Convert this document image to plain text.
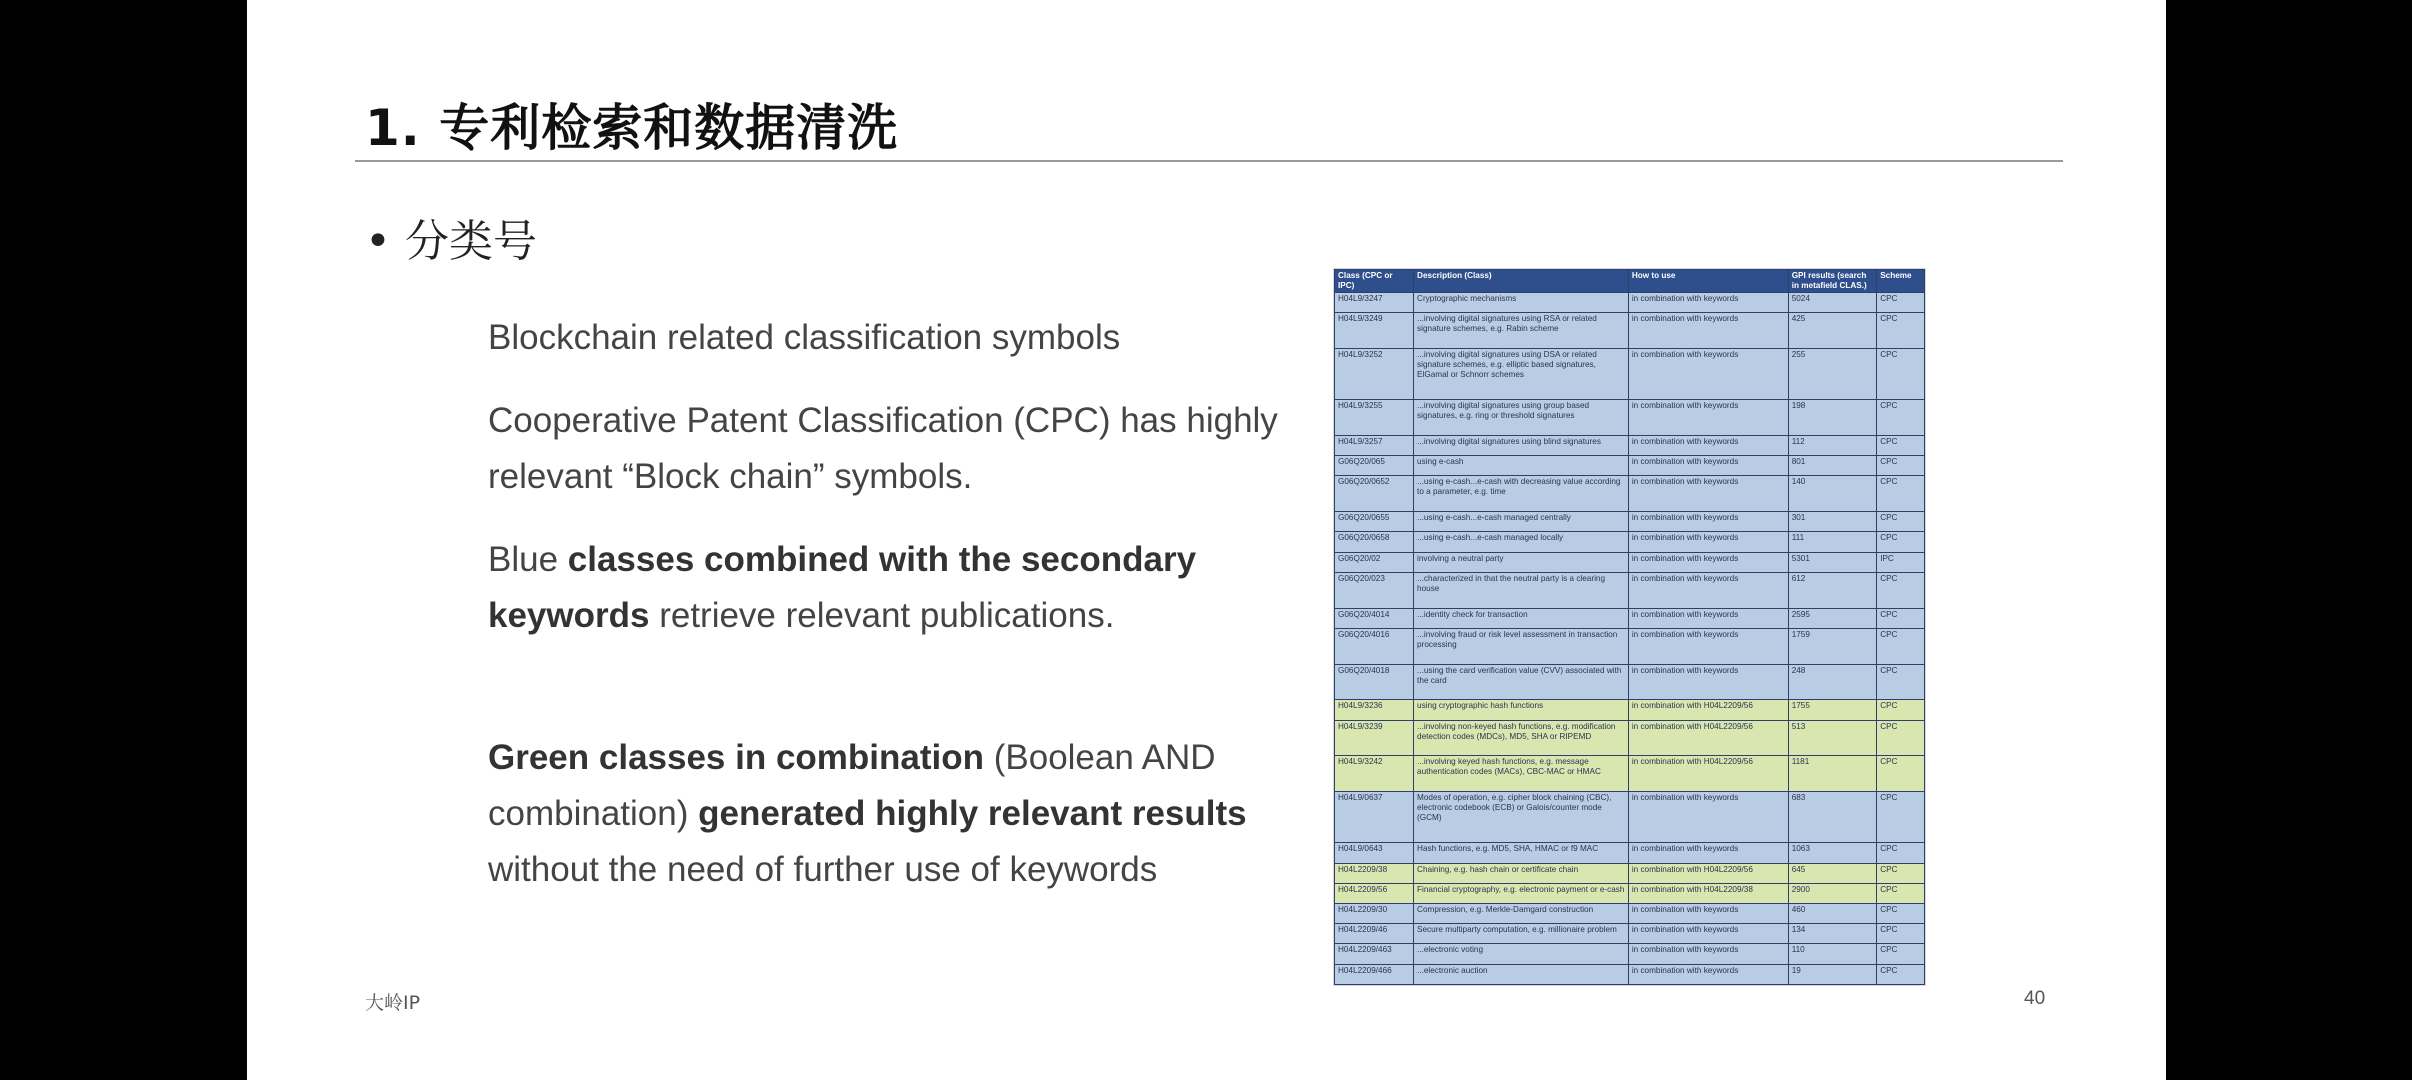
1. 专利检索和数据清洗
• 分类号
Blockchain related classification symbols
Cooperative Patent Classification (CPC) has highly relevant “Block chain” symbols.
Blue classes combined with the secondary keywords retrieve relevant publications.
Green classes in combination (Boolean AND combination) generated highly relevant results without the need of further use of keywords
Class (CPC or IPC)	Description (Class)	How to use	GPI results (search in metafield CLAS.)	Scheme
H04L9/3247	Cryptographic mechanisms	in combination with keywords	5024	CPC
H04L9/3249	...involving digital signatures using RSA or related signature schemes, e.g. Rabin scheme	in combination with keywords	425	CPC
H04L9/3252	...involving digital signatures using DSA or related signature schemes, e.g. elliptic based signatures, ElGamal or Schnorr schemes	in combination with keywords	255	CPC
H04L9/3255	...involving digital signatures using group based signatures, e.g. ring or threshold signatures	in combination with keywords	198	CPC
H04L9/3257	...involving digital signatures using blind signatures	in combination with keywords	112	CPC
G06Q20/065	using e-cash	in combination with keywords	801	CPC
G06Q20/0652	...using e-cash...e-cash with decreasing value according to a parameter, e.g. time	in combination with keywords	140	CPC
G06Q20/0655	...using e-cash...e-cash managed centrally	in combination with keywords	301	CPC
G06Q20/0658	...using e-cash...e-cash managed locally	in combination with keywords	111	CPC
G06Q20/02	involving a neutral party	in combination with keywords	5301	IPC
G06Q20/023	...characterized in that the neutral party is a clearing house	in combination with keywords	612	CPC
G06Q20/4014	...identity check for transaction	in combination with keywords	2595	CPC
G06Q20/4016	...involving fraud or risk level assessment in transaction processing	in combination with keywords	1759	CPC
G06Q20/4018	...using the card verification value (CVV) associated with the card	in combination with keywords	248	CPC
H04L9/3236	using cryptographic hash functions	in combination with H04L2209/56	1755	CPC
H04L9/3239	...involving non-keyed hash functions, e.g. modification detection codes (MDCs), MD5, SHA or RIPEMD	in combination with H04L2209/56	513	CPC
H04L9/3242	...involving keyed hash functions, e.g. message authentication codes (MACs), CBC-MAC or HMAC	in combination with H04L2209/56	1181	CPC
H04L9/0637	Modes of operation, e.g. cipher block chaining (CBC), electronic codebook (ECB) or Galois/counter mode (GCM)	in combination with keywords	683	CPC
H04L9/0643	Hash functions, e.g. MD5, SHA, HMAC or f9 MAC	in combination with keywords	1063	CPC
H04L2209/38	Chaining, e.g. hash chain or certificate chain	in combination with H04L2209/56	645	CPC
H04L2209/56	Financial cryptography, e.g. electronic payment or e-cash	in combination with H04L2209/38	2900	CPC
H04L2209/30	Compression, e.g. Merkle-Damgard construction	in combination with keywords	460	CPC
H04L2209/46	Secure multiparty computation, e.g. millionaire problem	in combination with keywords	134	CPC
H04L2209/463	...electronic voting	in combination with keywords	110	CPC
H04L2209/466	...electronic auction	in combination with keywords	19	CPC
大岭IP	40
